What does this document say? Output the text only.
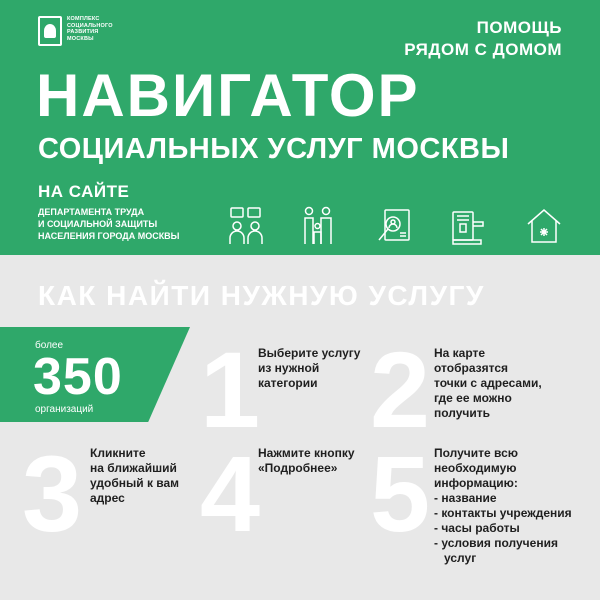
КОМПЛЕКС
СОЦИАЛЬНОГО
РАЗВИТИЯ
МОСКВЫ
ПОМОЩЬ
РЯДОМ С ДОМОМ
НАВИГАТОР
СОЦИАЛЬНЫХ УСЛУГ МОСКВЫ
НА САЙТЕ
ДЕПАРТАМЕНТА ТРУДА
И СОЦИАЛЬНОЙ ЗАЩИТЫ
НАСЕЛЕНИЯ ГОРОДА МОСКВЫ
КАК НАЙТИ НУЖНУЮ УСЛУГУ
более
350
организаций 1
Выберите услугу
из нужной
категории 2 На карте
отобразятся
точки с адресами,
где ее можно
получить
3 Кликните
на ближайший
удобный к вам
адрес 4
Нажмите кнопку
«Подробнее» 5 Получите всю
необходимую
информацию:
- название
- контакты учреждения
- часы работы
- условия получения
услуг
